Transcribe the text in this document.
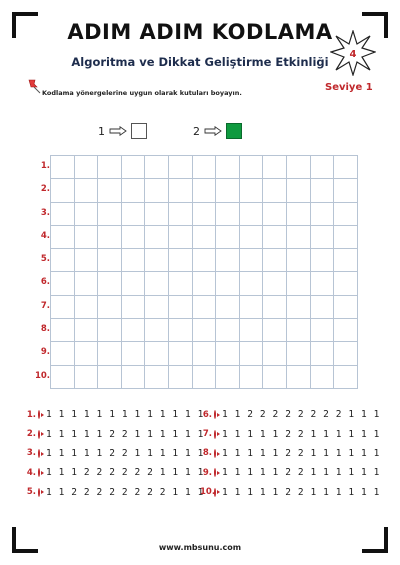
ADIM ADIM KODLAMA
Algoritma ve Dikkat Geliştirme Etkinliği
4
Seviye 1
Kodlama yönergelerine uygun olarak kutuları boyayın.
1	2
1.
2.
3.
4.
5.
6.
7.
8.
9.
10.
1. 1 1 1 1 1 1 1 1 1 1 1 1 1
2. 1 1 1 1 1 2 2 1 1 1 1 1 1
3. 1 1 1 1 1 2 2 1 1 1 1 1 1
4. 1 1 1 2 2 2 2 2 2 1 1 1 1
5. 1 1 2 2 2 2 2 2 2 2 1 1 1
6. 1 1 2 2 2 2 2 2 2 2 1 1 1
7. 1 1 1 1 1 2 2 1 1 1 1 1 1
8. 1 1 1 1 1 2 2 1 1 1 1 1 1
9. 1 1 1 1 1 2 2 1 1 1 1 1 1
10. 1 1 1 1 1 2 2 1 1 1 1 1 1
www.mbsunu.com
